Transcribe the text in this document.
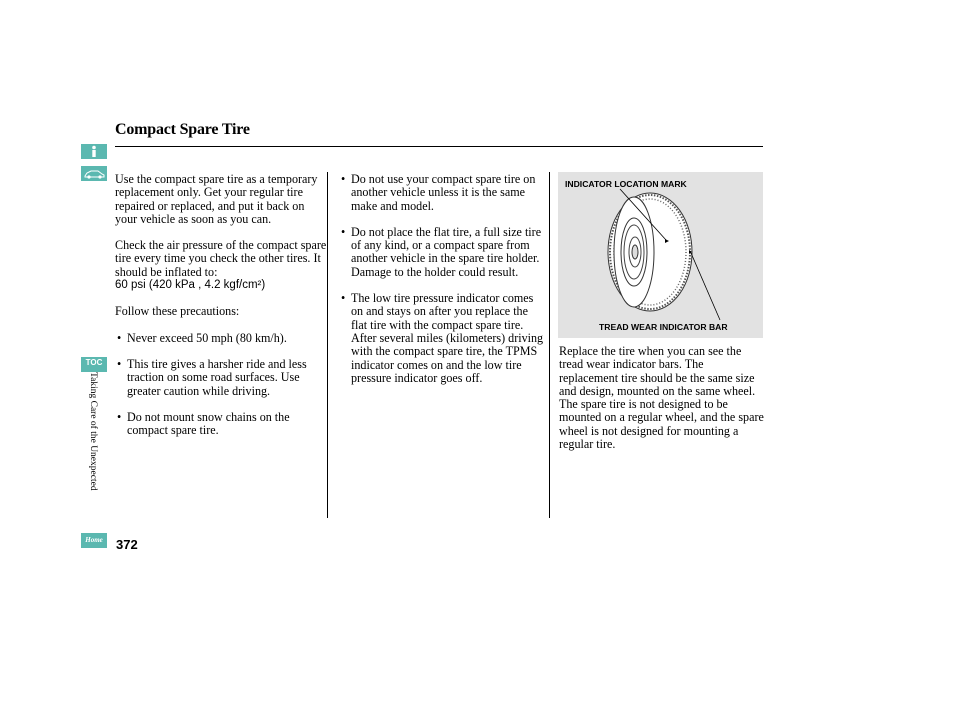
Compact Spare Tire
TOC
Taking Care of the Unexpected
Home	372

Use the compact spare tire as a temporary replacement only. Get your regular tire repaired or replaced, and put it back on your vehicle as soon as you can.

Check the air pressure of the compact spare tire every time you check the other tires. It should be inflated to:

60 psi (420 kPa , 4.2 kgf/cm²)

Follow these precautions:

• Never exceed 50 mph (80 km/h).
• This tire gives a harsher ride and less traction on some road surfaces. Use greater caution while driving.
• Do not mount snow chains on the compact spare tire.
• Do not use your compact spare tire on another vehicle unless it is the same make and model.
• Do not place the flat tire, a full size tire of any kind, or a compact spare from another vehicle in the spare tire holder. Damage to the holder could result.
• The low tire pressure indicator comes on and stays on after you replace the flat tire with the compact spare tire. After several miles (kilometers) driving with the compact spare tire, the TPMS indicator comes on and the low tire pressure indicator goes off.
INDICATOR LOCATION MARK
TREAD WEAR INDICATOR BAR

Replace the tire when you can see the tread wear indicator bars. The replacement tire should be the same size and design, mounted on the same wheel. The spare tire is not designed to be mounted on a regular wheel, and the spare wheel is not designed for mounting a regular tire.
